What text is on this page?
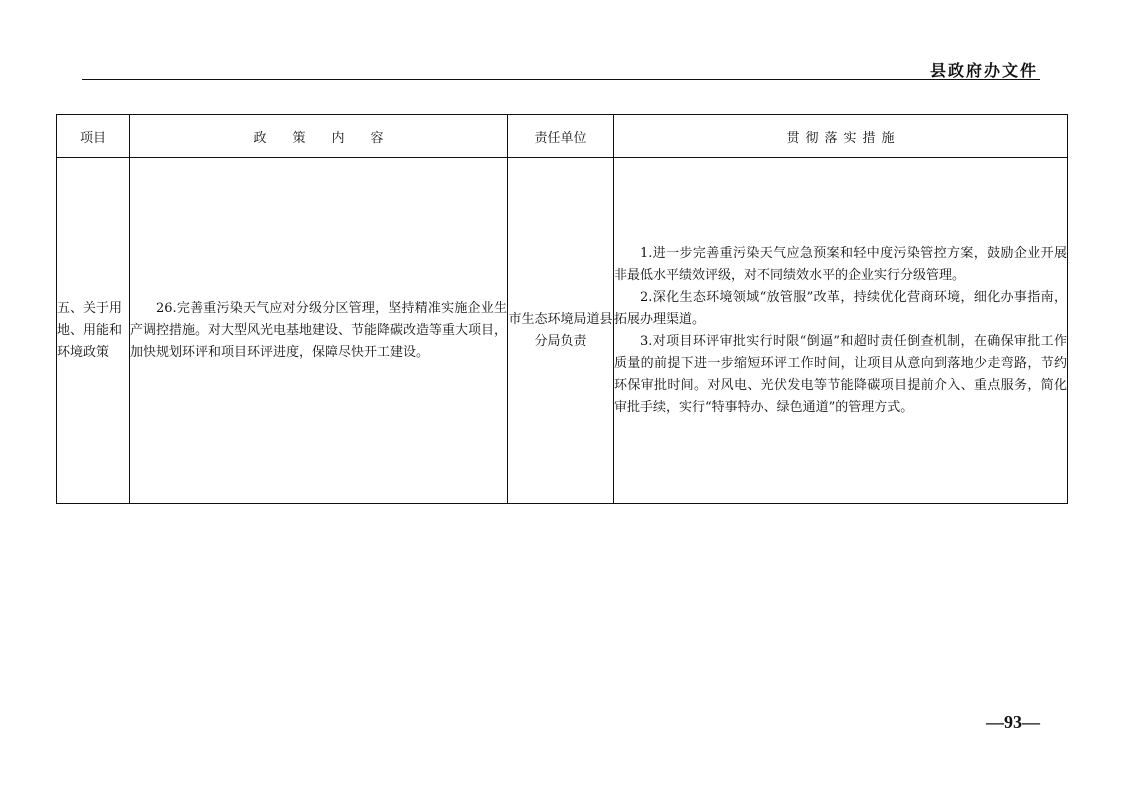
县政府办文件
项目	政策内容	责任单位	贯彻落实措施
五、关于用地、用能和环境政策	26.完善重污染天气应对分级分区管理，坚持精准实施企业生产调控措施。对大型风光电基地建设、节能降碳改造等重大项目，加快规划环评和项目环评进度，保障尽快开工建设。	市生态环境局道县分局负责	1.进一步完善重污染天气应急预案和轻中度污染管控方案，鼓励企业开展非最低水平绩效评级，对不同绩效水平的企业实行分级管理。

2.深化生态环境领域“放管服”改革，持续优化营商环境，细化办事指南，拓展办理渠道。

3.对项目环评审批实行时限“倒逼”和超时责任倒查机制，在确保审批工作质量的前提下进一步缩短环评工作时间，让项目从意向到落地少走弯路，节约环保审批时间。对风电、光伏发电等节能降碳项目提前介入、重点服务，简化审批手续，实行“特事特办、绿色通道”的管理方式。

—93—
